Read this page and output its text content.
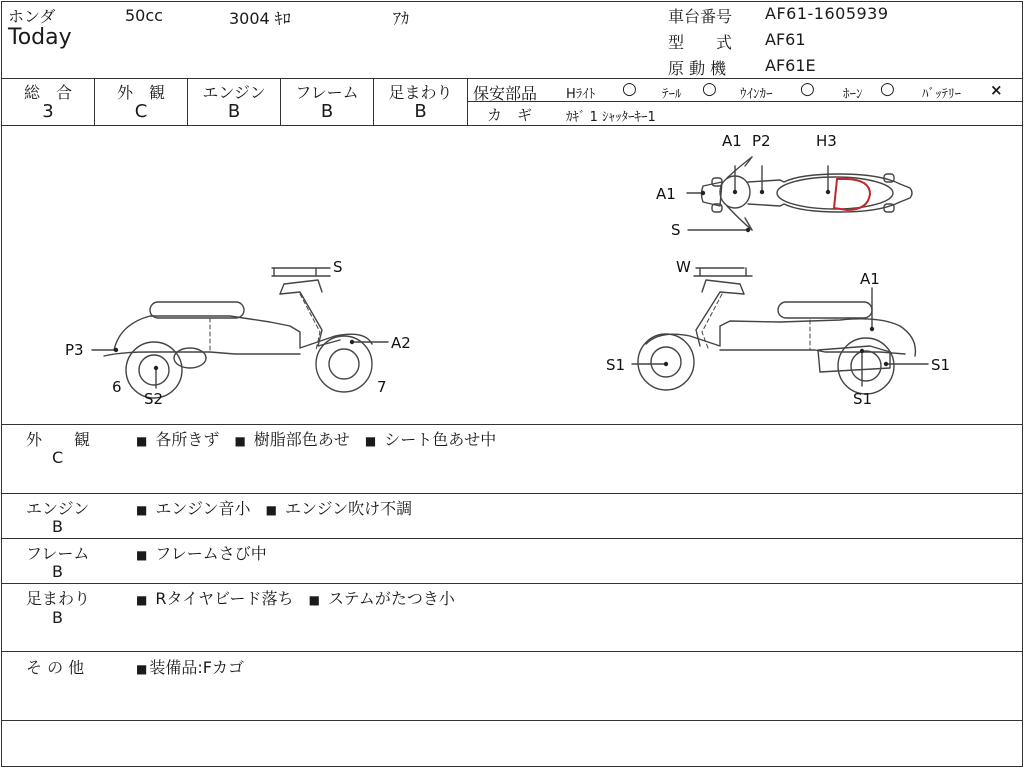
ホンダ	50cc	3004 ｷﾛ	ｱｶ
Today
車台番号 AF61-1605939
型　　式 AF61
原 動 機 AF61E
総　合
3
外　観
C
エンジン
B
フレーム
B
足まわり
B
保安部品 Hﾗｲﾄ ○ ﾃｰﾙ ○ ｳｲﾝｶｰ ○ ﾎｰﾝ ○ ﾊﾞｯﾃﾘｰ ×
カ　ギ	ｶｷﾞ 1 ｼｬｯﾀｰｷｰ1
A1 P2	H3
A1
S
S
A2
P3
6	7
S2
W
A1
S1	S1
S1
外　　観
C
■ 各所きず ■ 樹脂部色あせ ■ シート色あせ中
エンジン
B
■ エンジン音小 ■ エンジン吹け不調
フレーム
B
■ フレームさび中
足まわり
B
■ Rタイヤビード落ち ■ ステムがたつき小
そ の 他	■ 装備品:Fカゴ
